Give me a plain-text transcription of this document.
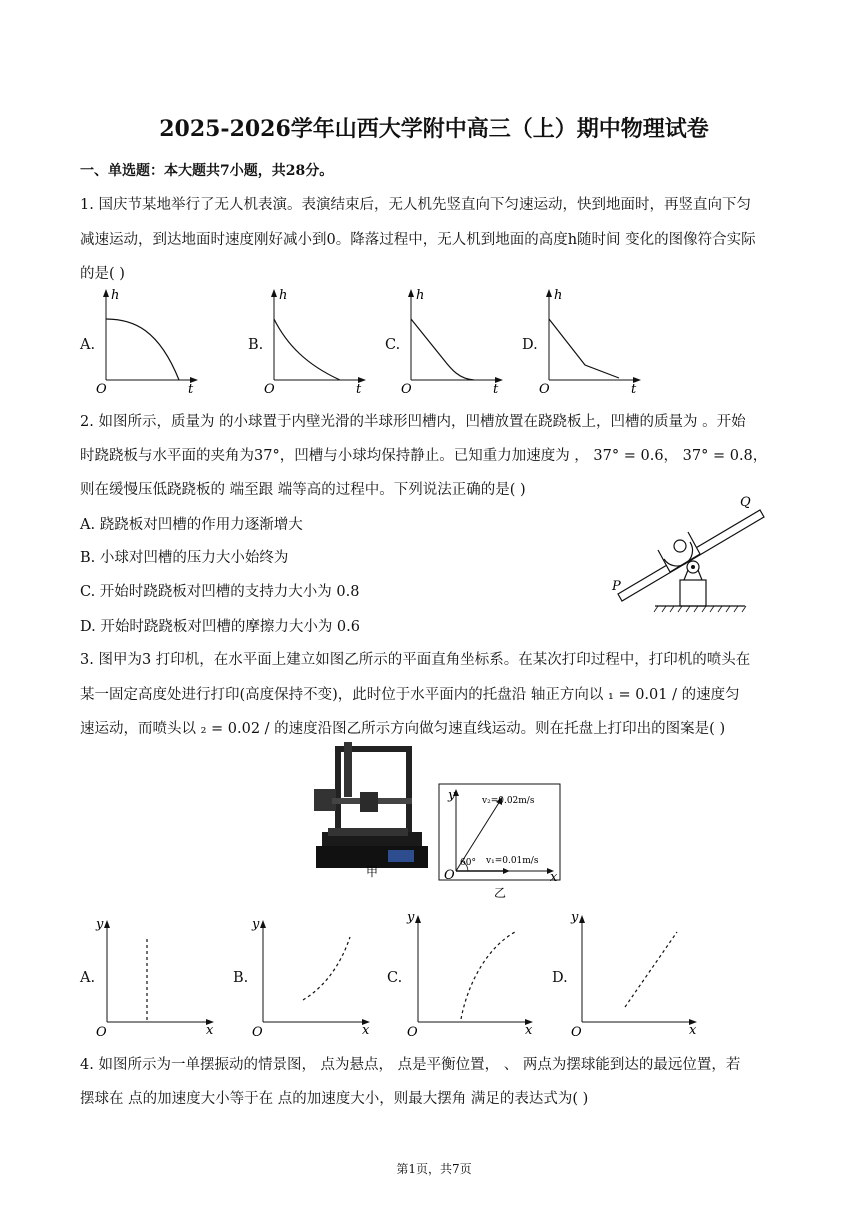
2025-2026学年山西大学附中高三（上）期中物理试卷
一、单选题：本大题共7小题，共28分。
1. 国庆节某地举行了无人机表演。表演结束后，无人机先竖直向下匀速运动，快到地面时，再竖直向下匀
减速运动，到达地面时速度刚好减小到0。降落过程中，无人机到地面的高度h随时间 变化的图像符合实际
的是( )
A.	B.	C.	D.
h
t
O
h
t
O
h
t
O
h
t
O
2. 如图所示，质量为 的小球置于内壁光滑的半球形凹槽内，凹槽放置在跷跷板上，凹槽的质量为 。开始
时跷跷板与水平面的夹角为37°，凹槽与小球均保持静止。已知重力加速度为 ， 37° = 0.6， 37° = 0.8，
则在缓慢压低跷跷板的 端至跟 端等高的过程中。下列说法正确的是( )
A. 跷跷板对凹槽的作用力逐渐增大
B. 小球对凹槽的压力大小始终为
C. 开始时跷跷板对凹槽的支持力大小为 0.8
D. 开始时跷跷板对凹槽的摩擦力大小为 0.6
P
Q
3. 图甲为3 打印机，在水平面上建立如图乙所示的平面直角坐标系。在某次打印过程中，打印机的喷头在
某一固定高度处进行打印(高度保持不变)，此时位于水平面内的托盘沿 轴正方向以 ₁ = 0.01 / 的速度匀
速运动，而喷头以 ₂ = 0.02 / 的速度沿图乙所示方向做匀速直线运动。则在托盘上打印出的图案是( )
甲
y
x
O
v₂=0.02m/s
v₁=0.01m/s
60°
乙
A.	B.	C.	D.
y
x
O
y
x
O
y
x
O
y
x
O
4. 如图所示为一单摆振动的情景图， 点为悬点， 点是平衡位置， 、 两点为摆球能到达的最远位置，若
摆球在 点的加速度大小等于在 点的加速度大小，则最大摆角 满足的表达式为( )
第1页，共7页
